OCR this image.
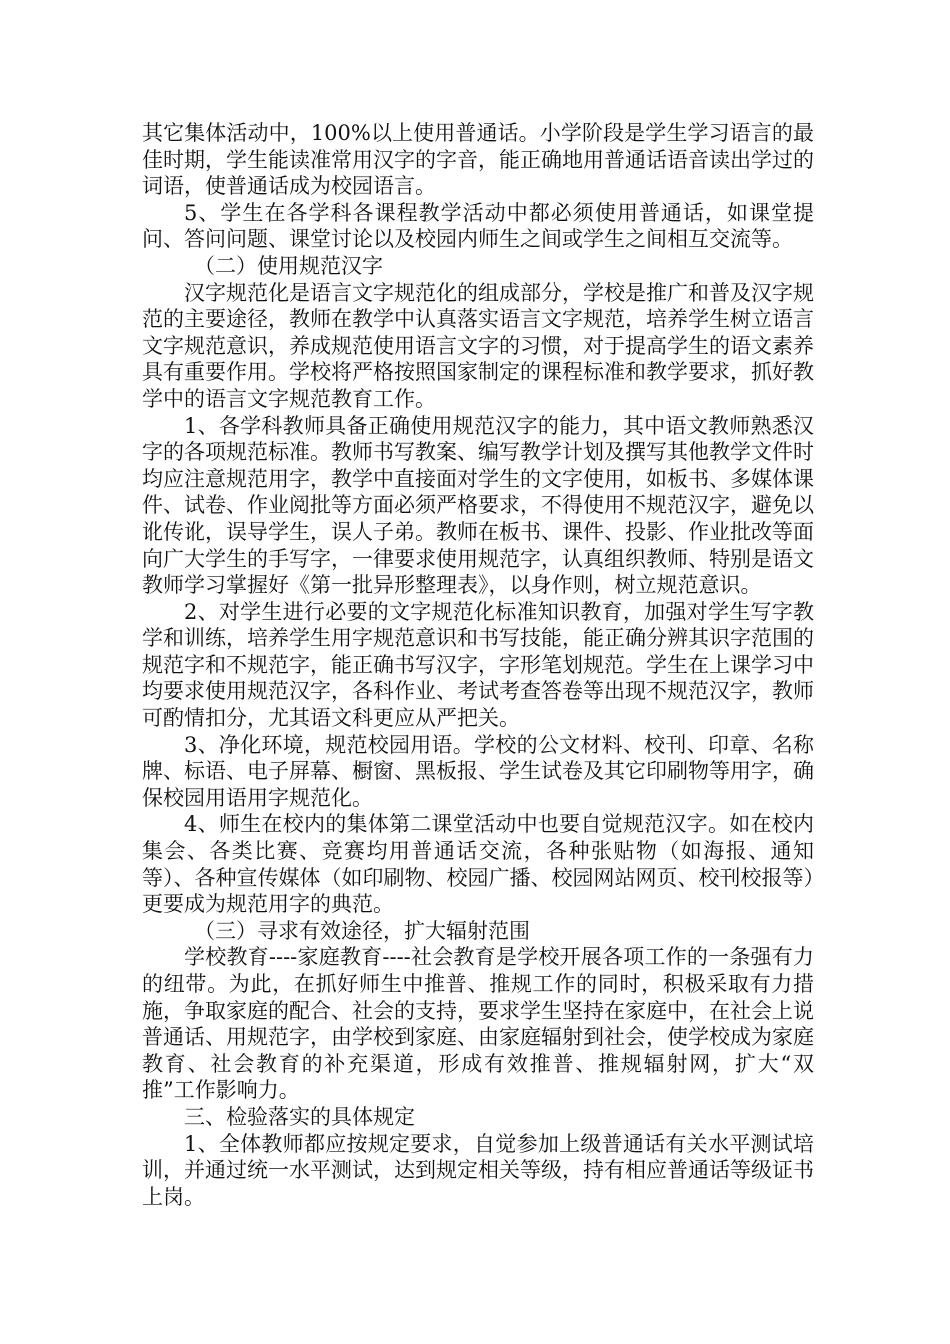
其它集体活动中，100%以上使用普通话。小学阶段是学生学习语言的最佳时期，学生能读准常用汉字的字音，能正确地用普通话语音读出学过的词语，使普通话成为校园语言。

5、学生在各学科各课程教学活动中都必须使用普通话，如课堂提问、答问问题、课堂讨论以及校园内师生之间或学生之间相互交流等。

（二）使用规范汉字

汉字规范化是语言文字规范化的组成部分，学校是推广和普及汉字规范的主要途径，教师在教学中认真落实语言文字规范，培养学生树立语言文字规范意识，养成规范使用语言文字的习惯，对于提高学生的语文素养具有重要作用。学校将严格按照国家制定的课程标准和教学要求，抓好教学中的语言文字规范教育工作。

1、各学科教师具备正确使用规范汉字的能力，其中语文教师熟悉汉字的各项规范标准。教师书写教案、编写教学计划及撰写其他教学文件时均应注意规范用字，教学中直接面对学生的文字使用，如板书、多媒体课件、试卷、作业阅批等方面必须严格要求，不得使用不规范汉字，避免以讹传讹，误导学生，误人子弟。教师在板书、课件、投影、作业批改等面向广大学生的手写字，一律要求使用规范字，认真组织教师、特别是语文教师学习掌握好《第一批异形整理表》，以身作则，树立规范意识。

2、对学生进行必要的文字规范化标准知识教育，加强对学生写字教学和训练，培养学生用字规范意识和书写技能，能正确分辨其识字范围的规范字和不规范字，能正确书写汉字，字形笔划规范。学生在上课学习中均要求使用规范汉字，各科作业、考试考查答卷等出现不规范汉字，教师可酌情扣分，尤其语文科更应从严把关。

3、净化环境，规范校园用语。学校的公文材料、校刊、印章、名称牌、标语、电子屏幕、橱窗、黑板报、学生试卷及其它印刷物等用字，确保校园用语用字规范化。

4、师生在校内的集体第二课堂活动中也要自觉规范汉字。如在校内集会、各类比赛、竞赛均用普通话交流，各种张贴物（如海报、通知等）、各种宣传媒体（如印刷物、校园广播、校园网站网页、校刊校报等）更要成为规范用字的典范。

（三）寻求有效途径，扩大辐射范围

学校教育----家庭教育----社会教育是学校开展各项工作的一条强有力的纽带。为此，在抓好师生中推普、推规工作的同时，积极采取有力措施，争取家庭的配合、社会的支持，要求学生坚持在家庭中，在社会上说普通话、用规范字，由学校到家庭、由家庭辐射到社会，使学校成为家庭教育、社会教育的补充渠道，形成有效推普、推规辐射网，扩大“双推”工作影响力。

三、检验落实的具体规定

1、全体教师都应按规定要求，自觉参加上级普通话有关水平测试培训，并通过统一水平测试，达到规定相关等级，持有相应普通话等级证书上岗。
